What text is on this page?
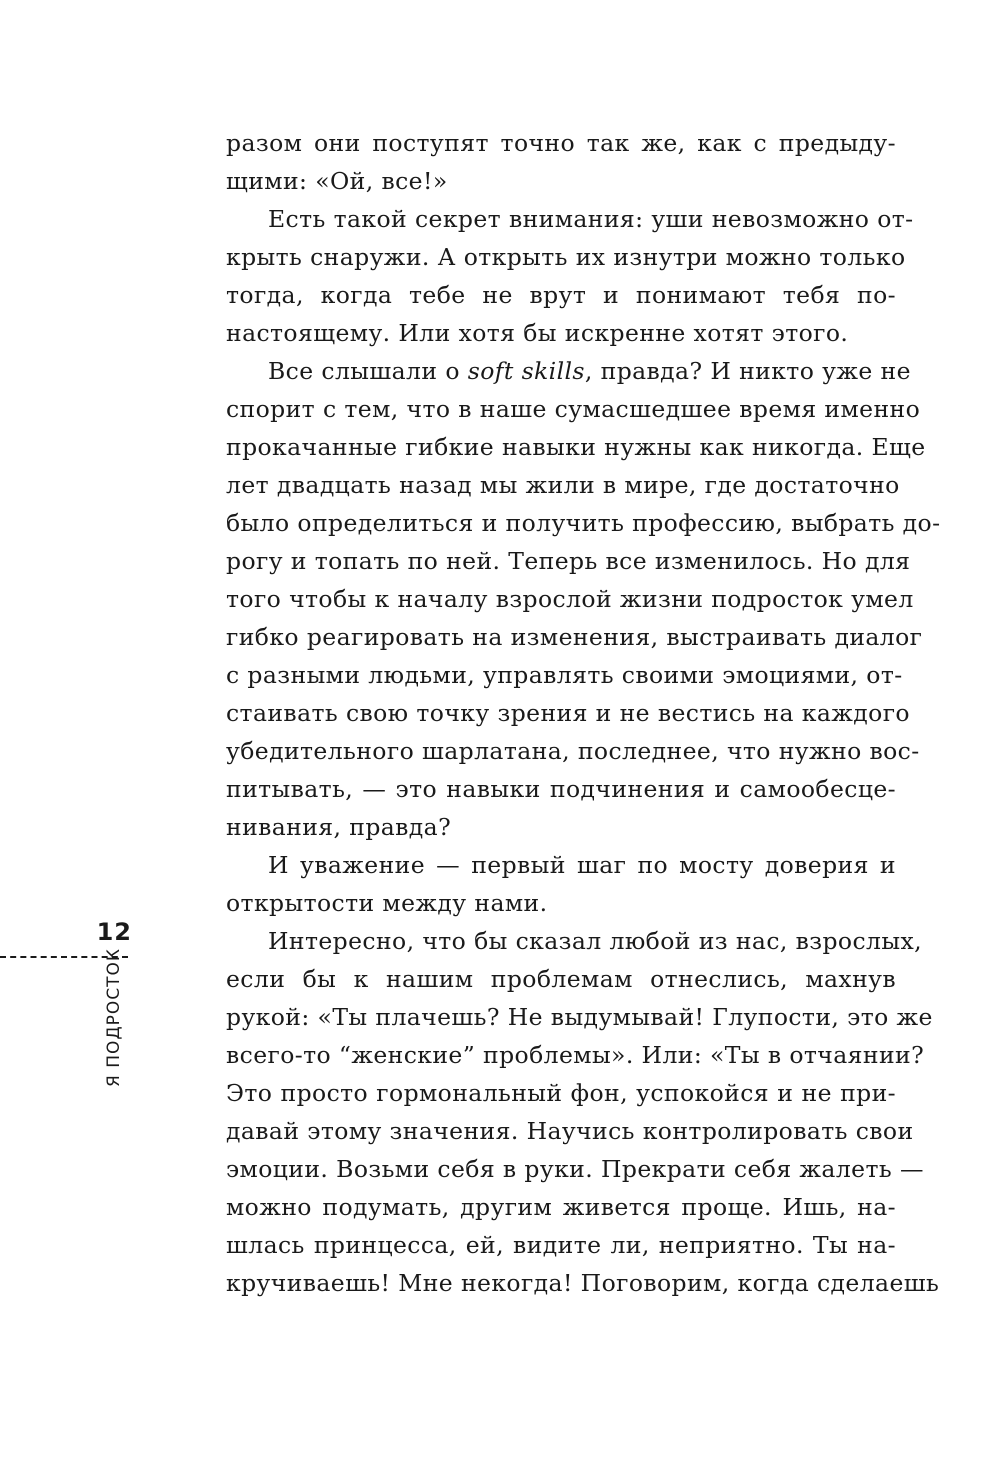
разом они поступят точно так же, как с предыду-
щими: «Ой, все!»
Есть такой секрет внимания: уши невозможно от-
крыть снаружи. А открыть их изнутри можно только
тогда, когда тебе не врут и понимают тебя по-
настоящему. Или хотя бы искренне хотят этого.
Все слышали о soft skills, правда? И никто уже не
спорит с тем, что в наше сумасшедшее время именно
прокачанные гибкие навыки нужны как никогда. Еще
лет двадцать назад мы жили в мире, где достаточно
было определиться и получить профессию, выбрать до-
рогу и топать по ней. Теперь все изменилось. Но для
того чтобы к началу взрослой жизни подросток умел
гибко реагировать на изменения, выстраивать диалог
с разными людьми, управлять своими эмоциями, от-
стаивать свою точку зрения и не вестись на каждого
убедительного шарлатана, последнее, что нужно вос-
питывать, — это навыки подчинения и самообесце-
нивания, правда?
И уважение — первый шаг по мосту доверия и
открытости между нами.
Интересно, что бы сказал любой из нас, взрослых,
если бы к нашим проблемам отнеслись, махнув
рукой: «Ты плачешь? Не выдумывай! Глупости, это же
всего-то “женские” проблемы». Или: «Ты в отчаянии?
Это просто гормональный фон, успокойся и не при-
давай этому значения. Научись контролировать свои
эмоции. Возьми себя в руки. Прекрати себя жалеть —
можно подумать, другим живется проще. Ишь, на-
шлась принцесса, ей, видите ли, неприятно. Ты на-
кручиваешь! Мне некогда! Поговорим, когда сделаешь
12
Я ПОДРОСТОК
